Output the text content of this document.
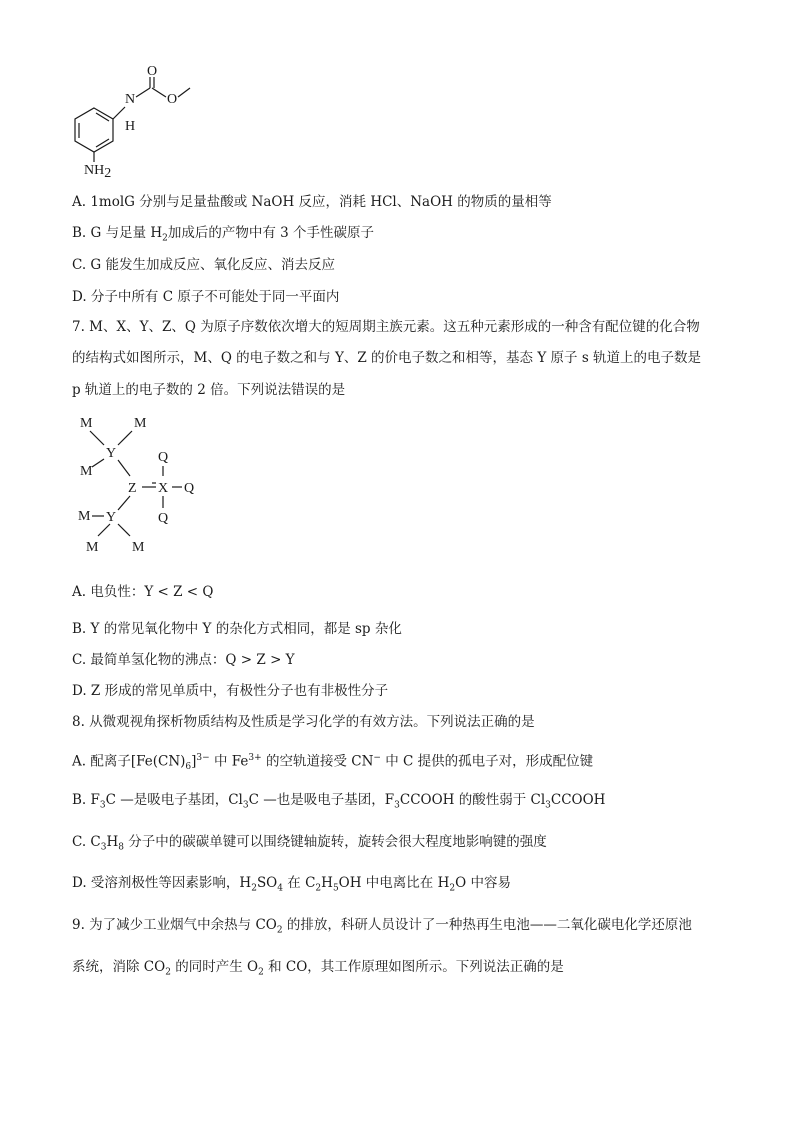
O
N
H
O
NH2
A. 1molG 分别与足量盐酸或 NaOH 反应，消耗 HCl、NaOH 的物质的量相等
B. G 与足量 $H_2$加成后的产物中有 3 个手性碳原子
C. G 能发生加成反应、氧化反应、消去反应
D. 分子中所有 C 原子不可能处于同一平面内
7. M、X、Y、Z、Q 为原子序数依次增大的短周期主族元素。这五种元素形成的一种含有配位键的化合物
的结构式如图所示，M、Q 的电子数之和与 Y、Z 的价电子数之和相等，基态 Y 原子 s 轨道上的电子数是
p 轨道上的电子数的 2 倍。下列说法错误的是
M	M
Y
M
Z X Q
Q
Q
M Y
M M
A. 电负性：Y < Z < Q
B. Y 的常见氧化物中 Y 的杂化方式相同，都是 sp 杂化
C. 最简单氢化物的沸点：Q > Z > Y
D. Z 形成的常见单质中，有极性分子也有非极性分子
8. 从微观视角探析物质结构及性质是学习化学的有效方法。下列说法正确的是
A. 配离子$[Fe(CN)_6]^{3-}$ 中 $Fe^{3+}$ 的空轨道接受 CN− 中 C 提供的孤电子对，形成配位键
B. $F_3C$ —是吸电子基团，$Cl_3C$ —也是吸电子基团，$F_3CCOOH$ 的酸性弱于 $Cl_3CCOOH$
C. $C_3H_8$ 分子中的碳碳单键可以围绕键轴旋转，旋转会很大程度地影响键的强度
D. 受溶剂极性等因素影响，$H_2SO_4$ 在 $C_2H_5OH$ 中电离比在 $H_2O$ 中容易
9. 为了减少工业烟气中余热与 $CO_2$ 的排放，科研人员设计了一种热再生电池——二氧化碳电化学还原池
系统，消除 $CO_2$ 的同时产生 $O_2$ 和 CO，其工作原理如图所示。下列说法正确的是
